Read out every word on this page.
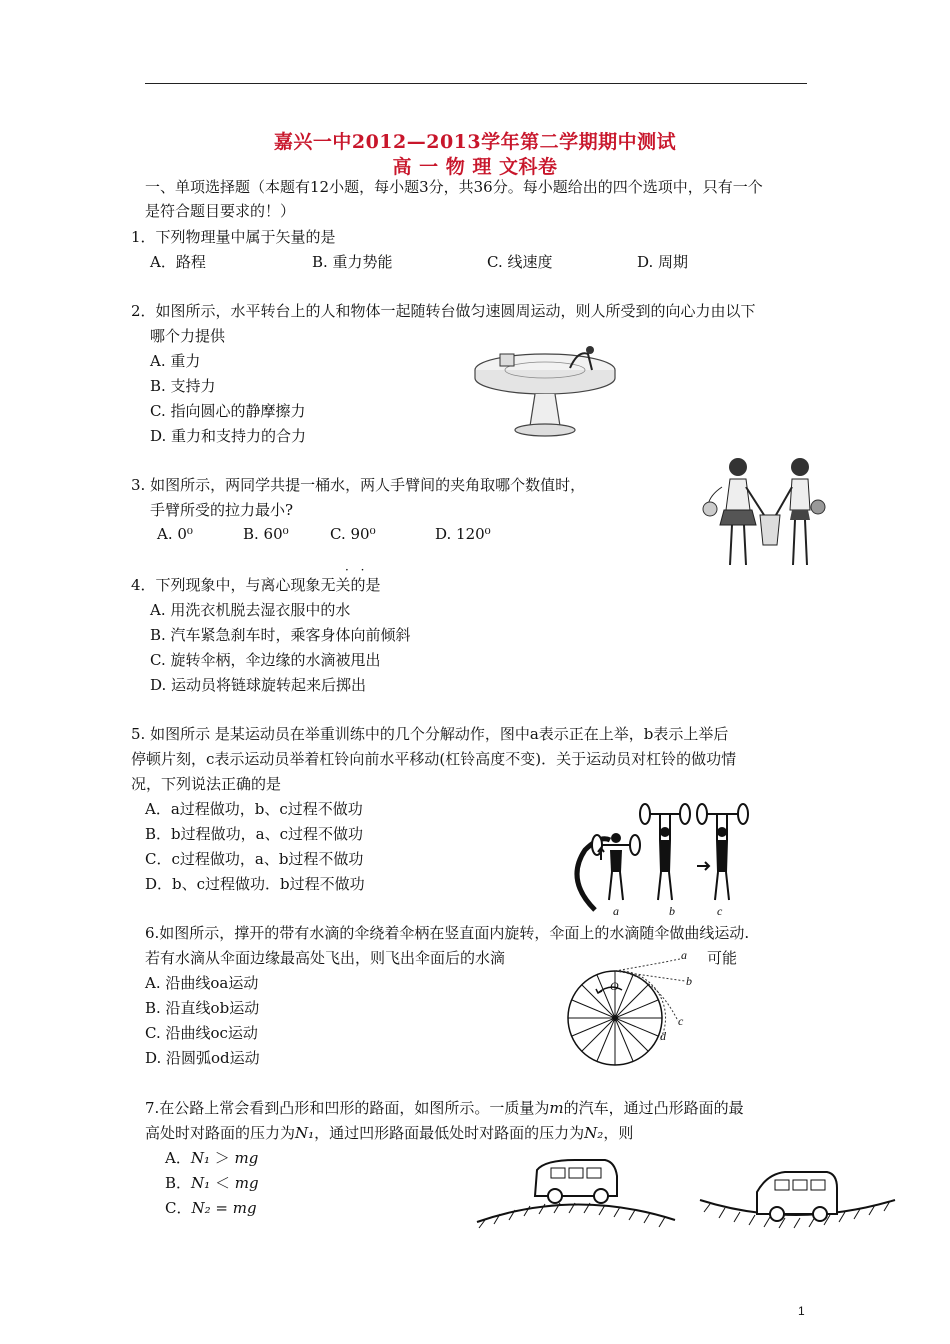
嘉兴一中2012—2013学年第二学期期中测试
高 一 物 理 文科卷
一、单项选择题（本题有12小题，每小题3分，共36分。每小题给出的四个选项中，只有一个
是符合题目要求的！）
1．下列物理量中属于矢量的是
A．路程	B. 重力势能	C. 线速度	D. 周期
2．如图所示，水平转台上的人和物体一起随转台做匀速圆周运动，则人所受到的向心力由以下
哪个力提供
A. 重力
B. 支持力
C. 指向圆心的静摩擦力
D. 重力和支持力的合力
3. 如图所示，两同学共提一桶水，两人手臂间的夹角取哪个数值时，
手臂所受的拉力最小?
A. 0⁰	B. 60⁰	C. 90⁰	D. 120⁰
· ·
4．下列现象中，与离心现象无关的是
A. 用洗衣机脱去湿衣服中的水
B. 汽车紧急刹车时，乘客身体向前倾斜
C. 旋转伞柄，伞边缘的水滴被甩出
D. 运动员将链球旋转起来后掷出
5. 如图所示 是某运动员在举重训练中的几个分解动作，图中a表示正在上举，b表示上举后
停顿片刻，c表示运动员举着杠铃向前水平移动(杠铃高度不变)．关于运动员对杠铃的做功情
况，下列说法正确的是
A．a过程做功，b、c过程不做功
B．b过程做功，a、c过程不做功
C．c过程做功，a、b过程不做功
D．b、c过程做功．b过程不做功
a	b	c
6.如图所示，撑开的带有水滴的伞绕着伞柄在竖直面内旋转，伞面上的水滴随伞做曲线运动.
若有水滴从伞面边缘最高处飞出，则飞出伞面后的水滴	可能
A. 沿曲线oa运动
B. 沿直线ob运动
C. 沿曲线oc运动
D. 沿圆弧od运动
a
b
c
d
O
7.在公路上常会看到凸形和凹形的路面，如图所示。一质量为m的汽车，通过凸形路面的最
高处时对路面的压力为N₁，通过凹形路面最低处时对路面的压力为N₂，则
A．N₁ ＞ mg
B．N₁ ＜ mg
C．N₂ = mg
1
